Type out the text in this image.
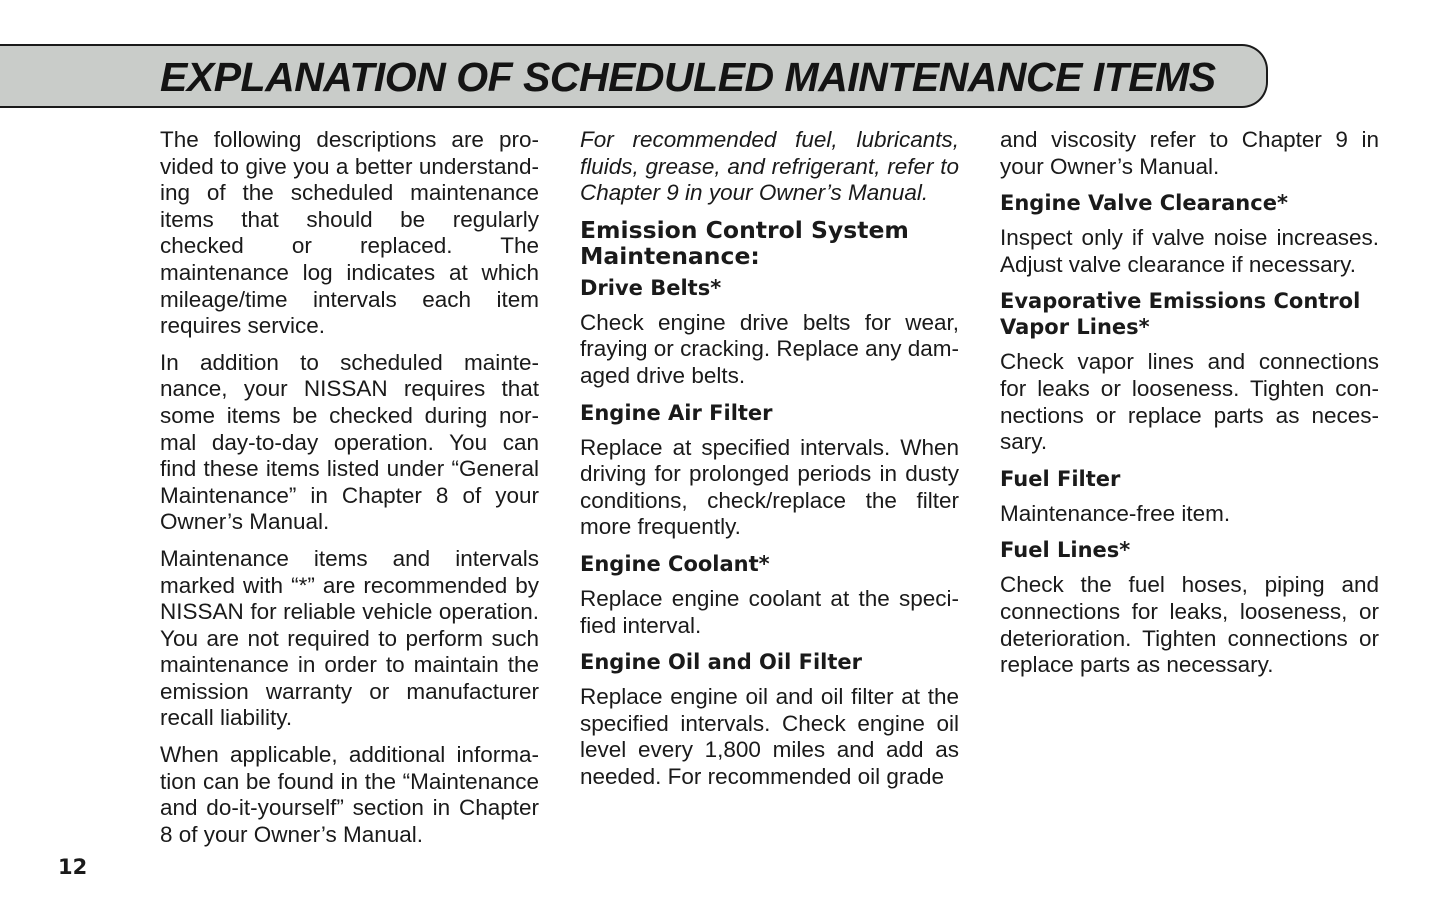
EXPLANATION OF SCHEDULED MAINTENANCE ITEMS

The following descriptions are provided to give you a better understanding of the scheduled maintenance items that should be regularly checked or replaced. The maintenance log indicates at which mileage/time intervals each item requires service.

In addition to scheduled maintenance, your NISSAN requires that some items be checked during normal day-to-day operation. You can find these items listed under “General Maintenance” in Chapter 8 of your Owner’s Manual.

Maintenance items and intervals marked with “*” are recommended by NISSAN for reliable vehicle operation. You are not required to perform such maintenance in order to maintain the emission warranty or manufacturer recall liability.

When applicable, additional information can be found in the “Maintenance and do-it-yourself” section in Chapter 8 of your Owner’s Manual.

For recommended fuel, lubricants, fluids, grease, and refrigerant, refer to Chapter 9 in your Owner’s Manual.

Emission Control System Maintenance:
Drive Belts*

Check engine drive belts for wear, fraying or cracking. Replace any damaged drive belts.

Engine Air Filter

Replace at specified intervals. When driving for prolonged periods in dusty conditions, check/replace the filter more frequently.

Engine Coolant*

Replace engine coolant at the specified interval.

Engine Oil and Oil Filter

Replace engine oil and oil filter at the specified intervals. Check engine oil level every 1,800 miles and add as needed. For recommended oil grade

and viscosity refer to Chapter 9 in your Owner’s Manual.

Engine Valve Clearance*

Inspect only if valve noise increases. Adjust valve clearance if necessary.

Evaporative Emissions Control Vapor Lines*

Check vapor lines and connections for leaks or looseness. Tighten connections or replace parts as necessary.

Fuel Filter

Maintenance-free item.

Fuel Lines*

Check the fuel hoses, piping and connections for leaks, looseness, or deterioration. Tighten connections or replace parts as necessary.

12
